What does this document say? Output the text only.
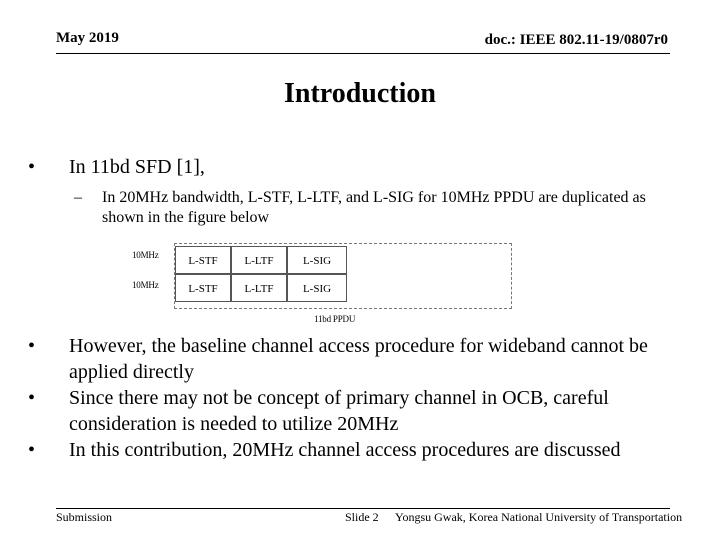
May 2019	doc.: IEEE 802.11-19/0807r0
Introduction
•	In 11bd SFD [1],
–	In 20MHz bandwidth, L-STF, L-LTF, and L-SIG for 10MHz PPDU are duplicated as shown in the figure below
10MHz
10MHz
L-STF	L-LTF	L-SIG
L-STF	L-LTF	L-SIG
11bd PPDU
•	However, the baseline channel access procedure for wideband cannot be applied directly
•	Since there may not be concept of primary channel in OCB, careful consideration is needed to utilize 20MHz
•	In this contribution, 20MHz channel access procedures are discussed
Submission	Slide 2 Yongsu Gwak, Korea National University of Transportation
